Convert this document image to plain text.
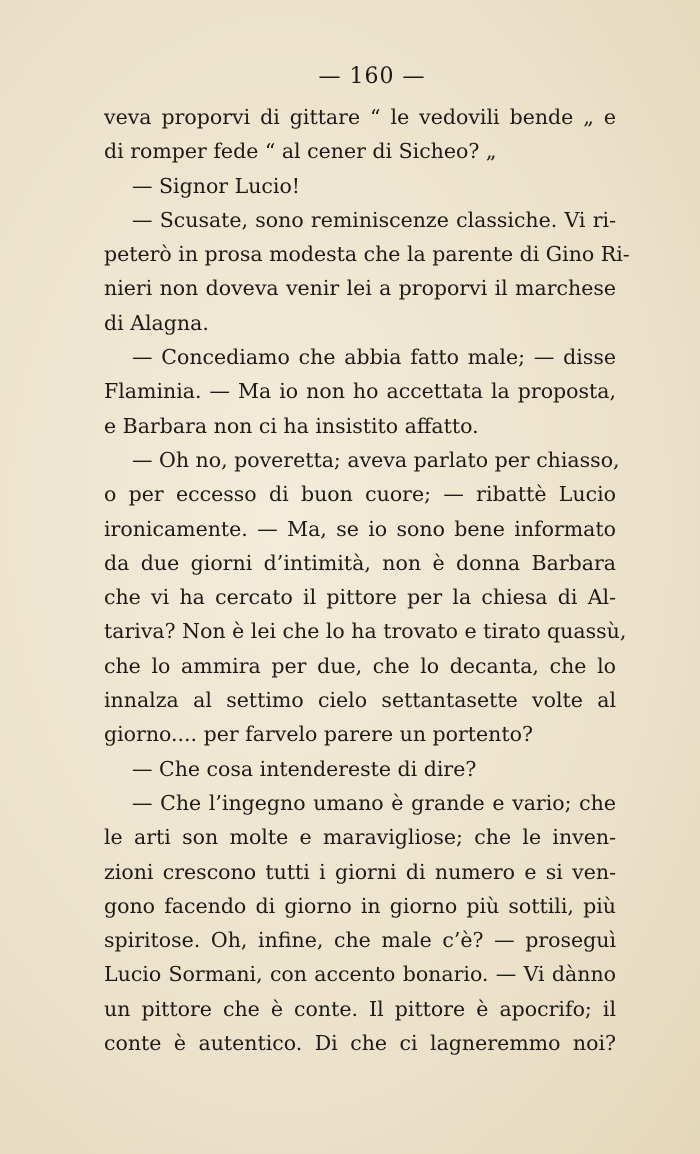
— 160 —
veva proporvi di gittare “ le vedovili bende „ e
di romper fede “ al cener di Sicheo? „
— Signor Lucio!
— Scusate, sono reminiscenze classiche. Vi ri-
peterò in prosa modesta che la parente di Gino Ri-
nieri non doveva venir lei a proporvi il marchese
di Alagna.
— Concediamo che abbia fatto male; — disse
Flaminia. — Ma io non ho accettata la proposta,
e Barbara non ci ha insistito affatto.
— Oh no, poveretta; aveva parlato per chiasso,
o per eccesso di buon cuore; — ribattè Lucio
ironicamente. — Ma, se io sono bene informato
da due giorni d’intimità, non è donna Barbara
che vi ha cercato il pittore per la chiesa di Al-
tariva? Non è lei che lo ha trovato e tirato quassù,
che lo ammira per due, che lo decanta, che lo
innalza al settimo cielo settantasette volte al
giorno.... per farvelo parere un portento?
— Che cosa intendereste di dire?
— Che l’ingegno umano è grande e vario; che
le arti son molte e maravigliose; che le inven-
zioni crescono tutti i giorni di numero e si ven-
gono facendo di giorno in giorno più sottili, più
spiritose. Oh, infine, che male c’è? — proseguì
Lucio Sormani, con accento bonario. — Vi dànno
un pittore che è conte. Il pittore è apocrifo; il
conte è autentico. Di che ci lagneremmo noi?
